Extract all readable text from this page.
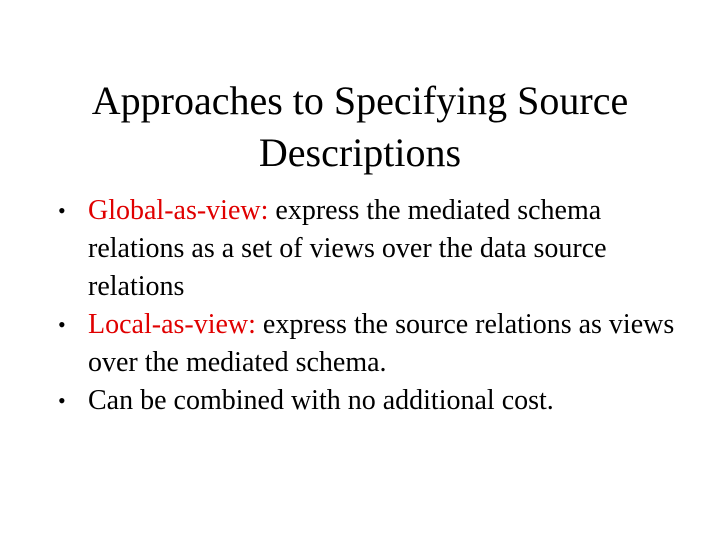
Approaches to Specifying Source
Descriptions
• Global-as-view: express the mediated schema relations as a set of views over the data source relations
• Local-as-view: express the source relations as views over the mediated schema.
• Can be combined with no additional cost.
